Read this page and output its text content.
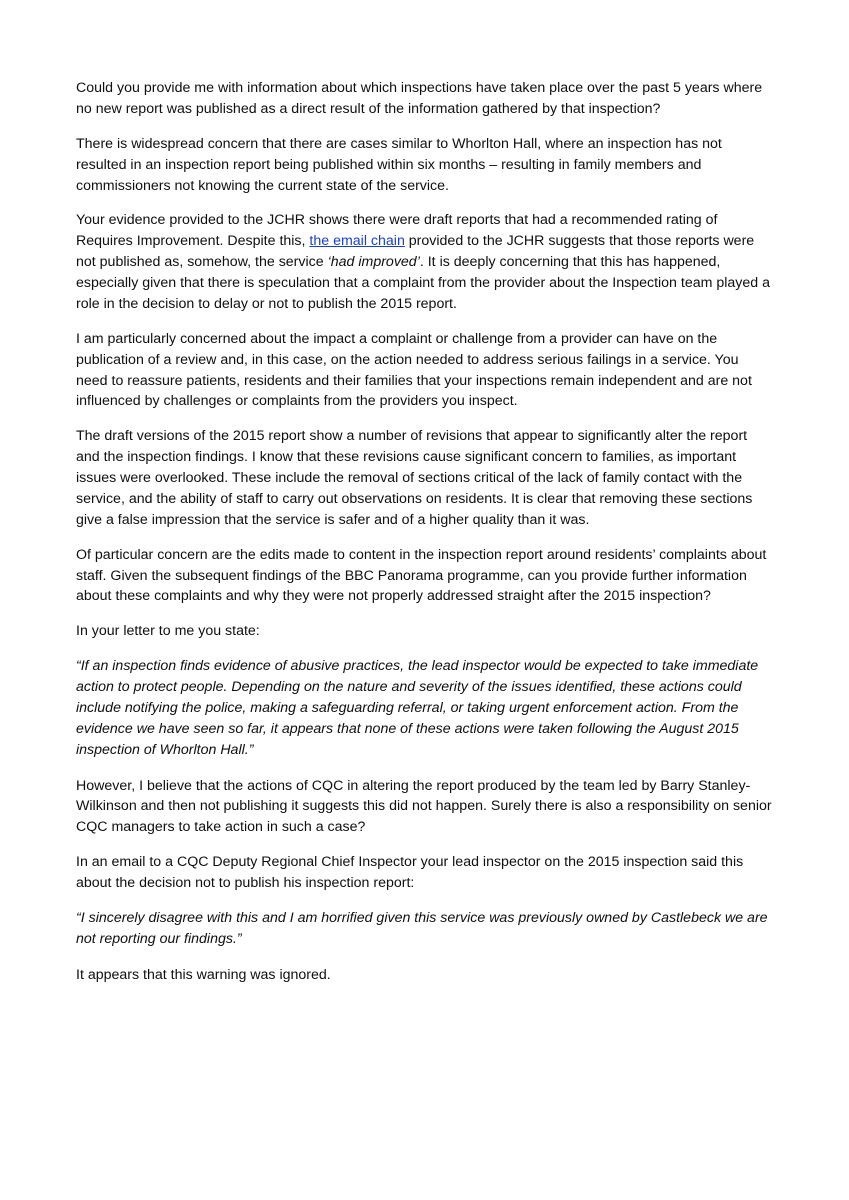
Could you provide me with information about which inspections have taken place over the past 5 years where no new report was published as a direct result of the information gathered by that inspection?

There is widespread concern that there are cases similar to Whorlton Hall, where an inspection has not resulted in an inspection report being published within six months – resulting in family members and commissioners not knowing the current state of the service.

Your evidence provided to the JCHR shows there were draft reports that had a recommended rating of Requires Improvement. Despite this, the email chain provided to the JCHR suggests that those reports were not published as, somehow, the service ‘had improved’. It is deeply concerning that this has happened, especially given that there is speculation that a complaint from the provider about the Inspection team played a role in the decision to delay or not to publish the 2015 report.

I am particularly concerned about the impact a complaint or challenge from a provider can have on the publication of a review and, in this case, on the action needed to address serious failings in a service. You need to reassure patients, residents and their families that your inspections remain independent and are not influenced by challenges or complaints from the providers you inspect.

The draft versions of the 2015 report show a number of revisions that appear to significantly alter the report and the inspection findings. I know that these revisions cause significant concern to families, as important issues were overlooked. These include the removal of sections critical of the lack of family contact with the service, and the ability of staff to carry out observations on residents. It is clear that removing these sections give a false impression that the service is safer and of a higher quality than it was.

Of particular concern are the edits made to content in the inspection report around residents’ complaints about staff. Given the subsequent findings of the BBC Panorama programme, can you provide further information about these complaints and why they were not properly addressed straight after the 2015 inspection?

In your letter to me you state:

“If an inspection finds evidence of abusive practices, the lead inspector would be expected to take immediate action to protect people. Depending on the nature and severity of the issues identified, these actions could include notifying the police, making a safeguarding referral, or taking urgent enforcement action. From the evidence we have seen so far, it appears that none of these actions were taken following the August 2015 inspection of Whorlton Hall.”

However, I believe that the actions of CQC in altering the report produced by the team led by Barry Stanley-Wilkinson and then not publishing it suggests this did not happen. Surely there is also a responsibility on senior CQC managers to take action in such a case?

In an email to a CQC Deputy Regional Chief Inspector your lead inspector on the 2015 inspection said this about the decision not to publish his inspection report:

“I sincerely disagree with this and I am horrified given this service was previously owned by Castlebeck we are not reporting our findings.”

It appears that this warning was ignored.
